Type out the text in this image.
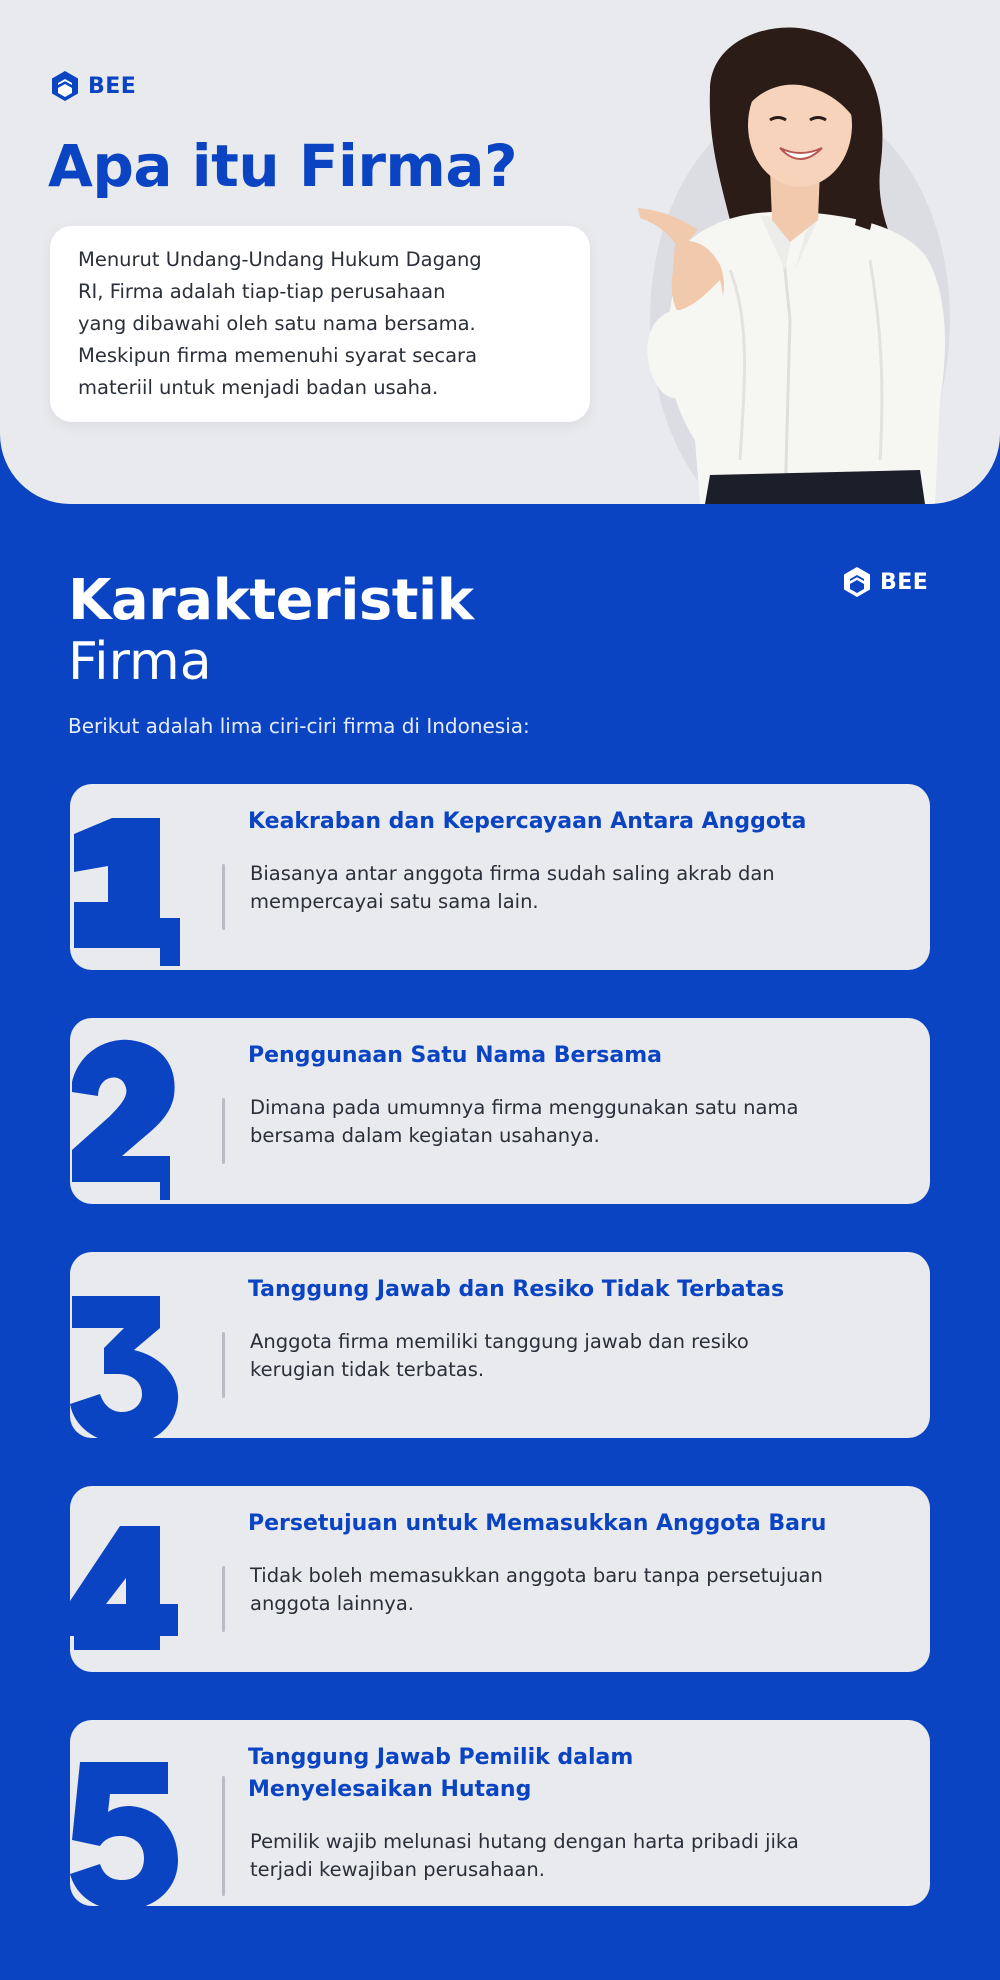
BEE
Apa itu Firma?

Menurut Undang-Undang Hukum Dagang

RI, Firma adalah tiap-tiap perusahaan

yang dibawahi oleh satu nama bersama.

Meskipun firma memenuhi syarat secara

materiil untuk menjadi badan usaha.

BEE
Karakteristik
Firma

Berikut adalah lima ciri-ciri firma di Indonesia:

Keakraban dan Kepercayaan Antara Anggota
Biasanya antar anggota firma sudah saling akrab dan
mempercayai satu sama lain.
Penggunaan Satu Nama Bersama
Dimana pada umumnya firma menggunakan satu nama
bersama dalam kegiatan usahanya.
Tanggung Jawab dan Resiko Tidak Terbatas
Anggota firma memiliki tanggung jawab dan resiko
kerugian tidak terbatas.
Persetujuan untuk Memasukkan Anggota Baru
Tidak boleh memasukkan anggota baru tanpa persetujuan
anggota lainnya.
Tanggung Jawab Pemilik dalam
Menyelesaikan Hutang
Pemilik wajib melunasi hutang dengan harta pribadi jika
terjadi kewajiban perusahaan.
